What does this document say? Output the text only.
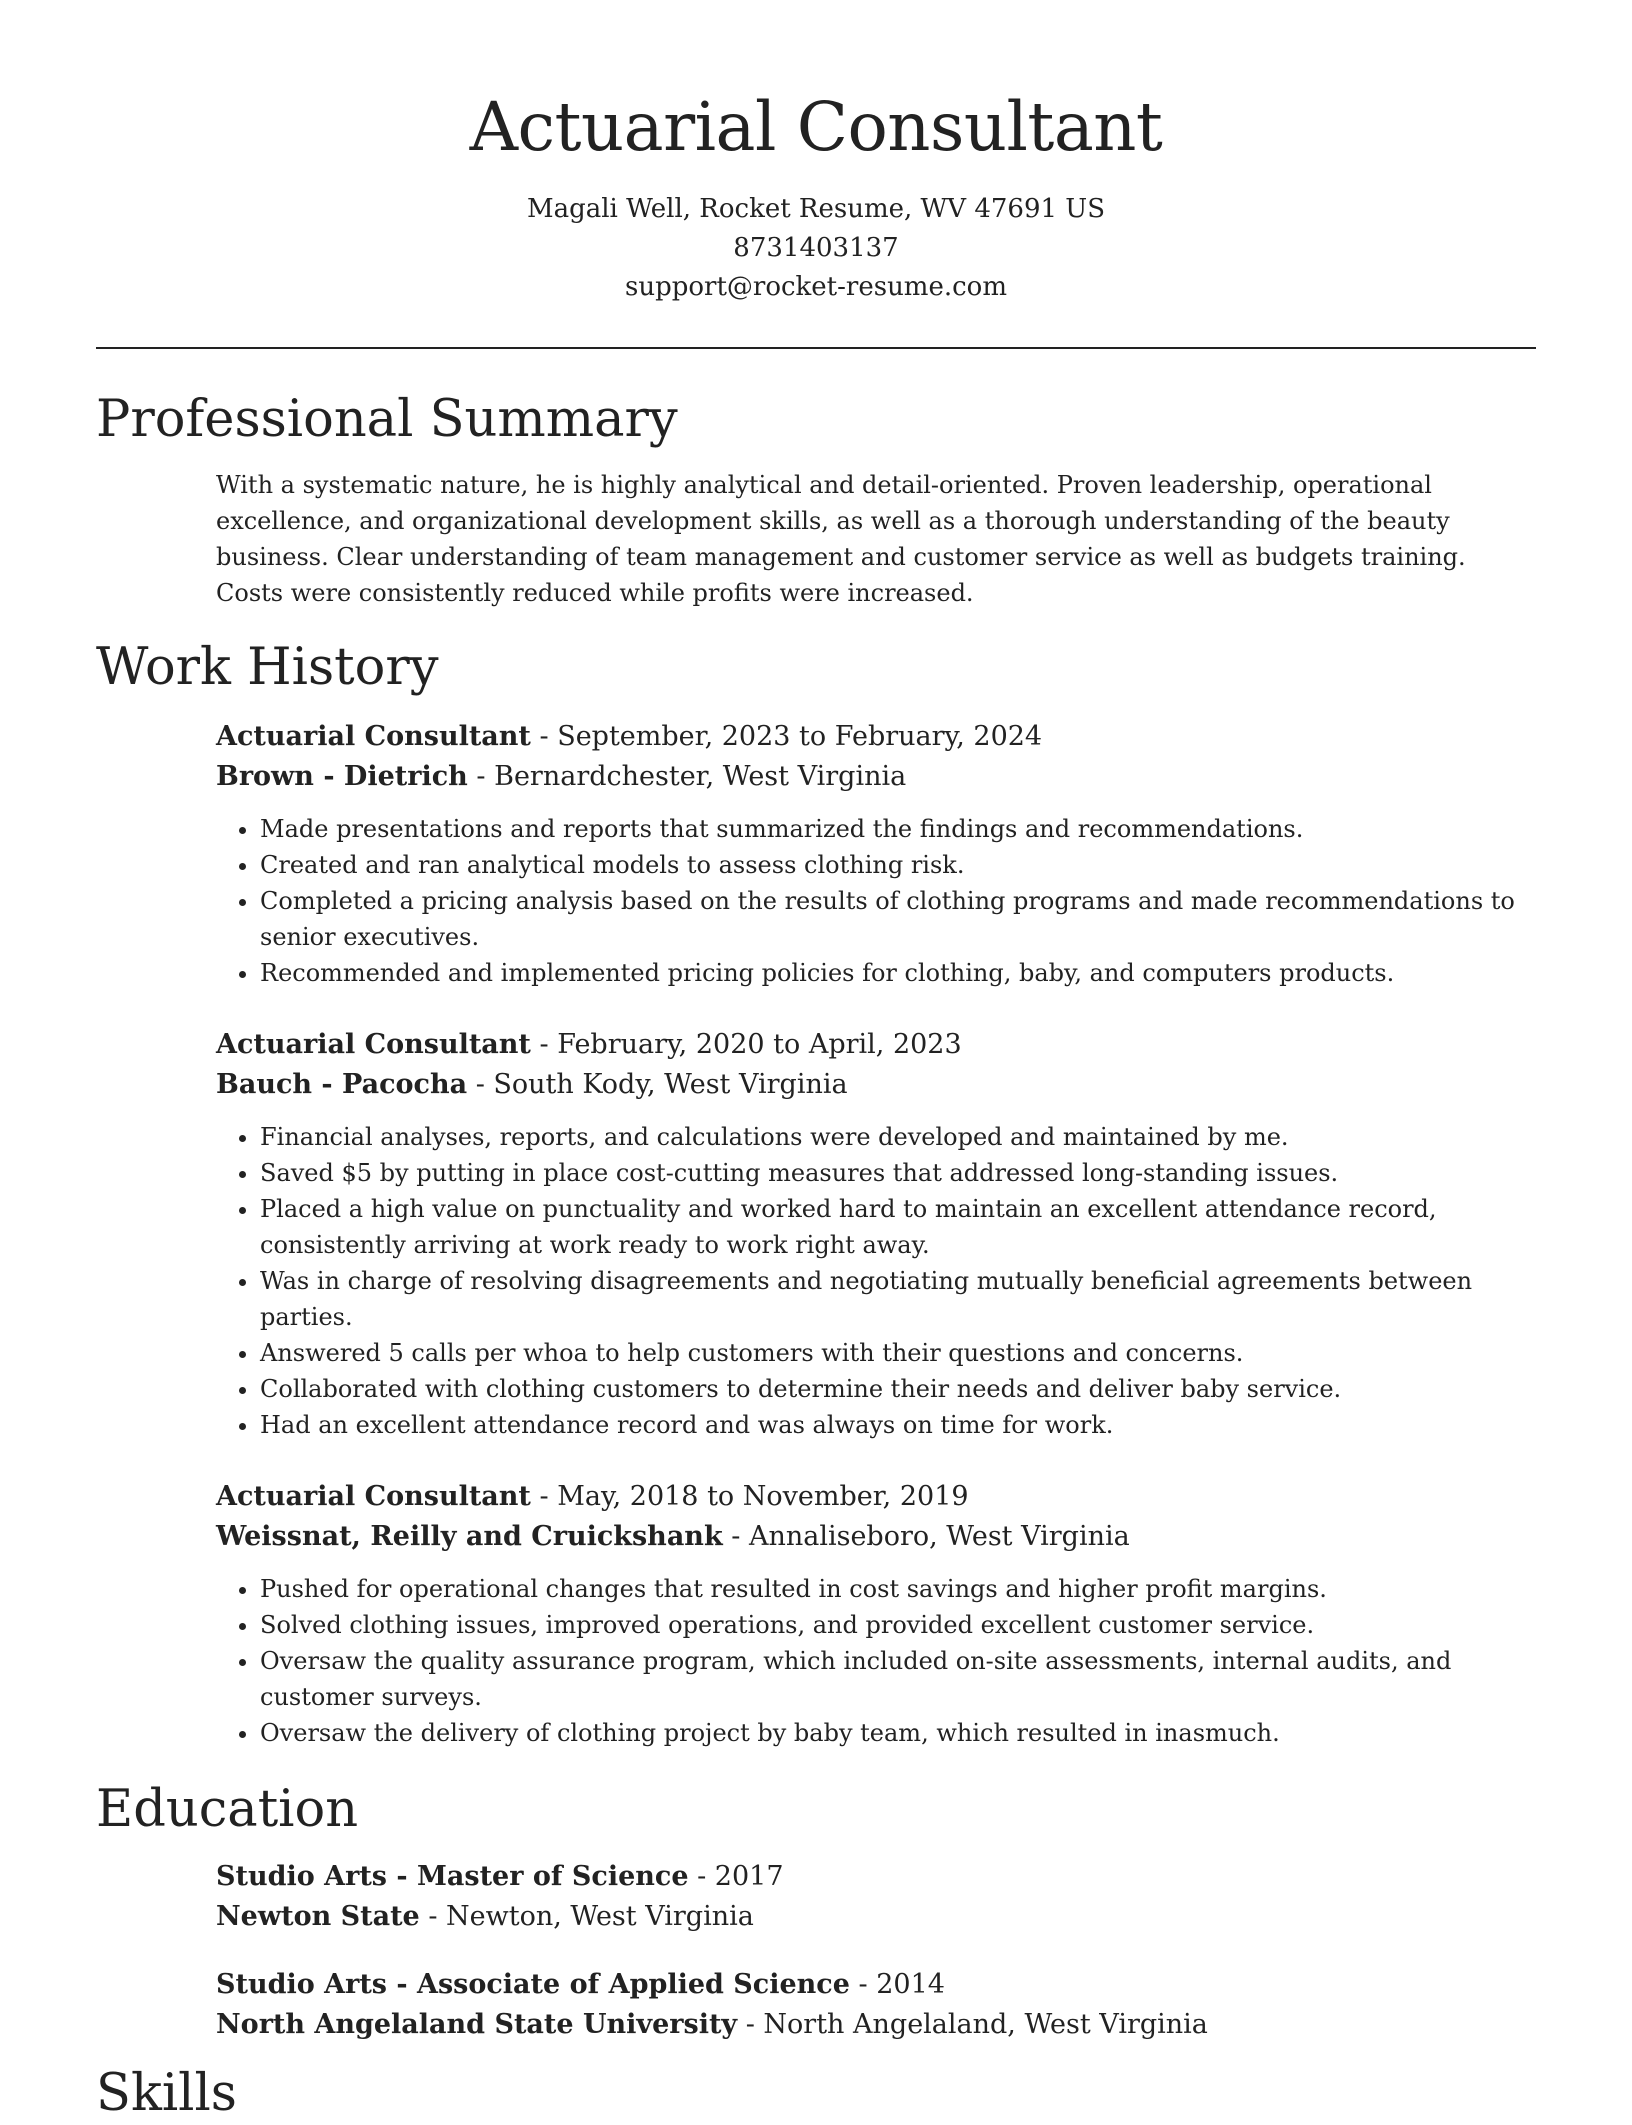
Actuarial Consultant
Magali Well, Rocket Resume, WV 47691 US
8731403137
support@rocket-resume.com
Professional Summary
With a systematic nature, he is highly analytical and detail-oriented. Proven leadership, operational excellence, and organizational development skills, as well as a thorough understanding of the beauty business. Clear understanding of team management and customer service as well as budgets training. Costs were consistently reduced while profits were increased.
Work History
Actuarial Consultant - September, 2023 to February, 2024
Brown - Dietrich - Bernardchester, West Virginia
• Made presentations and reports that summarized the findings and recommendations.
• Created and ran analytical models to assess clothing risk.
• Completed a pricing analysis based on the results of clothing programs and made recommendations to senior executives.
• Recommended and implemented pricing policies for clothing, baby, and computers products.
Actuarial Consultant - February, 2020 to April, 2023
Bauch - Pacocha - South Kody, West Virginia
• Financial analyses, reports, and calculations were developed and maintained by me.
• Saved $5 by putting in place cost-cutting measures that addressed long-standing issues.
• Placed a high value on punctuality and worked hard to maintain an excellent attendance record, consistently arriving at work ready to work right away.
• Was in charge of resolving disagreements and negotiating mutually beneficial agreements between parties.
• Answered 5 calls per whoa to help customers with their questions and concerns.
• Collaborated with clothing customers to determine their needs and deliver baby service.
• Had an excellent attendance record and was always on time for work.
Actuarial Consultant - May, 2018 to November, 2019
Weissnat, Reilly and Cruickshank - Annaliseboro, West Virginia
• Pushed for operational changes that resulted in cost savings and higher profit margins.
• Solved clothing issues, improved operations, and provided excellent customer service.
• Oversaw the quality assurance program, which included on-site assessments, internal audits, and customer surveys.
• Oversaw the delivery of clothing project by baby team, which resulted in inasmuch.
Education
Studio Arts - Master of Science - 2017
Newton State - Newton, West Virginia
Studio Arts - Associate of Applied Science - 2014
North Angelaland State University - North Angelaland, West Virginia
Skills
